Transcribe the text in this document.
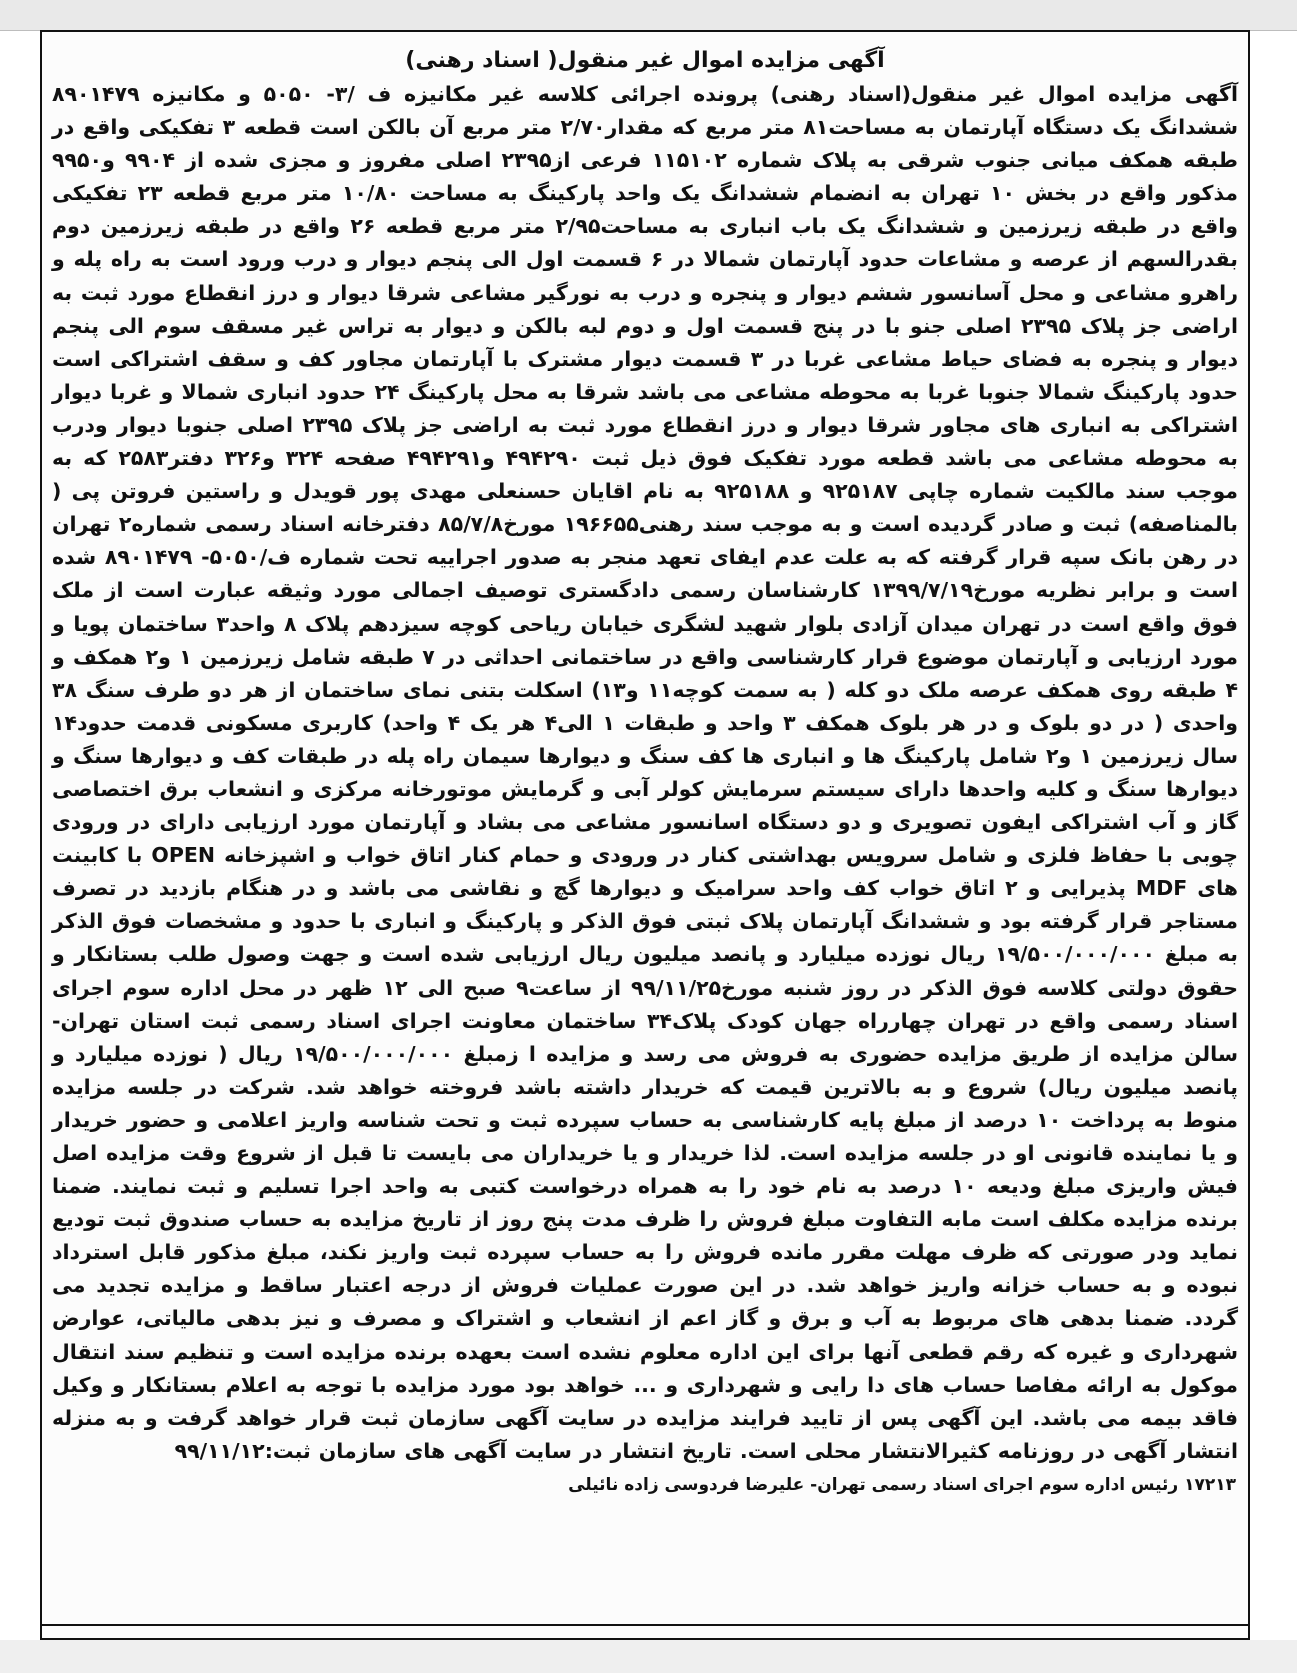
آگهی مزایده اموال غیر منقول( اسناد رهنی)
آگهی مزایده اموال غیر منقول(اسناد رهنی) پرونده اجرائی کلاسه غیر مکانیزه ف /۳- ۵۰۵۰ و مکانیزه ۸۹۰۱۴۷۹ ششدانگ یک دستگاه آپارتمان به مساحت۸۱ متر مربع که مقدار۲/۷۰ متر مربع آن بالکن است قطعه ۳ تفکیکی واقع در طبقه همکف میانی جنوب شرقی به پلاک شماره ۱۱۵۱۰۲ فرعی از۲۳۹۵ اصلی مفروز و مجزی شده از ۹۹۰۴ و۹۹۵۰ مذکور واقع در بخش ۱۰ تهران به انضمام ششدانگ یک واحد پارکینگ به مساحت ۱۰/۸۰ متر مربع قطعه ۲۳ تفکیکی واقع در طبقه زیرزمین و ششدانگ یک باب انباری به مساحت۲/۹۵ متر مربع قطعه ۲۶ واقع در طبقه زیرزمین دوم بقدرالسهم از عرصه و مشاعات حدود آپارتمان شمالا در ۶ قسمت اول الی پنجم دیوار و درب ورود است به راه پله و راهرو مشاعی و محل آسانسور ششم دیوار و پنجره و درب به نورگیر مشاعی شرقا دیوار و درز انقطاع مورد ثبت به اراضی جز پلاک ۲۳۹۵ اصلی جنو با در پنج قسمت اول و دوم لبه بالکن و دیوار به تراس غیر مسقف سوم الی پنجم دیوار و پنجره به فضای حیاط مشاعی غربا در ۳ قسمت دیوار مشترک با آپارتمان مجاور کف و سقف اشتراکی است حدود پارکینگ شمالا جنوبا غربا به محوطه مشاعی می باشد شرقا به محل پارکینگ ۲۴ حدود انباری شمالا و غربا دیوار اشتراکی به انباری های مجاور شرقا دیوار و درز انقطاع مورد ثبت به اراضی جز پلاک ۲۳۹۵ اصلی جنوبا دیوار ودرب به محوطه مشاعی می باشد قطعه مورد تفکیک فوق ذیل ثبت ۴۹۴۲۹۰ و۴۹۴۲۹۱ صفحه ۳۲۴ و۳۲۶ دفتر۲۵۸۳ که به موجب سند مالکیت شماره چاپی ۹۲۵۱۸۷ و ۹۲۵۱۸۸ به نام اقایان حسنعلی مهدی پور قویدل و راستین فروتن پی ( بالمناصفه) ثبت و صادر گردیده است و به موجب سند رهنی۱۹۶۶۵۵ مورخ۸۵/۷/۸ دفترخانه اسناد رسمی شماره۲ تهران در رهن بانک سپه قرار گرفته که به علت عدم ایفای تعهد منجر به صدور اجراییه تحت شماره ف/۵۰۵۰- ۸۹۰۱۴۷۹ شده است و برابر نظریه مورخ۱۳۹۹/۷/۱۹ کارشناسان رسمی دادگستری توصیف اجمالی مورد وثیقه عبارت است از ملک فوق واقع است در تهران میدان آزادی بلوار شهید لشگری خیابان ریاحی کوچه سیزدهم پلاک ۸ واحد۳ ساختمان پویا و مورد ارزیابی و آپارتمان موضوع قرار کارشناسی واقع در ساختمانی احداثی در ۷ طبقه شامل زیرزمین ۱ و۲ همکف و ۴ طبقه روی همکف عرصه ملک دو کله ( به سمت کوچه۱۱ و۱۳) اسکلت بتنی نمای ساختمان از هر دو طرف سنگ ۳۸ واحدی ( در دو بلوک و در هر بلوک همکف ۳ واحد و طبقات ۱ الی۴ هر یک ۴ واحد) کاربری مسکونی قدمت حدود۱۴ سال زیرزمین ۱ و۲ شامل پارکینگ ها و انباری ها کف سنگ و دیوارها سیمان راه پله در طبقات کف و دیوارها سنگ و دیوارها سنگ و کلیه واحدها دارای سیستم سرمایش کولر آبی و گرمایش موتورخانه مرکزی و انشعاب برق اختصاصی گاز و آب اشتراکی ایفون تصویری و دو دستگاه اسانسور مشاعی می بشاد و آپارتمان مورد ارزیابی دارای در ورودی چوبی با حفاظ فلزی و شامل سرویس بهداشتی کنار در ورودی و حمام کنار اتاق خواب و اشپزخانه OPEN با کابینت های MDF پذیرایی و ۲ اتاق خواب کف واحد سرامیک و دیوارها گچ و نقاشی می باشد و در هنگام بازدید در تصرف مستاجر قرار گرفته بود و ششدانگ آپارتمان پلاک ثبتی فوق الذکر و پارکینگ و انباری با حدود و مشخصات فوق الذکر به مبلغ ۱۹/۵۰۰/۰۰۰/۰۰۰ ریال نوزده میلیارد و پانصد میلیون ریال ارزیابی شده است و جهت وصول طلب بستانکار و حقوق دولتی کلاسه فوق الذکر در روز شنبه مورخ۹۹/۱۱/۲۵ از ساعت۹ صبح الی ۱۲ ظهر در محل اداره سوم اجرای اسناد رسمی واقع در تهران چهارراه جهان کودک پلاک۳۴ ساختمان معاونت اجرای اسناد رسمی ثبت استان تهران- سالن مزایده از طریق مزایده حضوری به فروش می رسد و مزایده ا زمبلغ ۱۹/۵۰۰/۰۰۰/۰۰۰ ریال ( نوزده میلیارد و پانصد میلیون ریال) شروع و به بالاترین قیمت که خریدار داشته باشد فروخته خواهد شد. شرکت در جلسه مزایده منوط به پرداخت ۱۰ درصد از مبلغ پایه کارشناسی به حساب سپرده ثبت و تحت شناسه واریز اعلامی و حضور خریدار و یا نماینده قانونی او در جلسه مزایده است. لذا خریدار و یا خریداران می بایست تا قبل از شروع وقت مزایده اصل فیش واریزی مبلغ ودیعه ۱۰ درصد به نام خود را به همراه درخواست کتبی به واحد اجرا تسلیم و ثبت نمایند. ضمنا برنده مزایده مکلف است مابه التفاوت مبلغ فروش را ظرف مدت پنج روز از تاریخ مزایده به حساب صندوق ثبت تودیع نماید ودر صورتی که ظرف مهلت مقرر مانده فروش را به حساب سپرده ثبت واریز نکند، مبلغ مذکور قابل استرداد نبوده و به حساب خزانه واریز خواهد شد. در این صورت عملیات فروش از درجه اعتبار ساقط و مزایده تجدید می گردد. ضمنا بدهی های مربوط به آب و برق و گاز اعم از انشعاب و اشتراک و مصرف و نیز بدهی مالیاتی، عوارض شهرداری و غیره که رقم قطعی آنها برای این اداره معلوم نشده است بعهده برنده مزایده است و تنظیم سند انتقال موکول به ارائه مفاصا حساب های دا رایی و شهرداری و ... خواهد بود مورد مزایده با توجه به اعلام بستانکار و وکیل فاقد بیمه می باشد. این آگهی پس از تایید فرایند مزایده در سایت آگهی سازمان ثبت قرار خواهد گرفت و به منزله انتشار آگهی در روزنامه کثیرالانتشار محلی است. تاریخ انتشار در سایت آگهی های سازمان ثبت:۹۹/۱۱/۱۲
۱۷۲۱۳ رئیس اداره سوم اجرای اسناد رسمی تهران- علیرضا فردوسی زاده نائیلی
